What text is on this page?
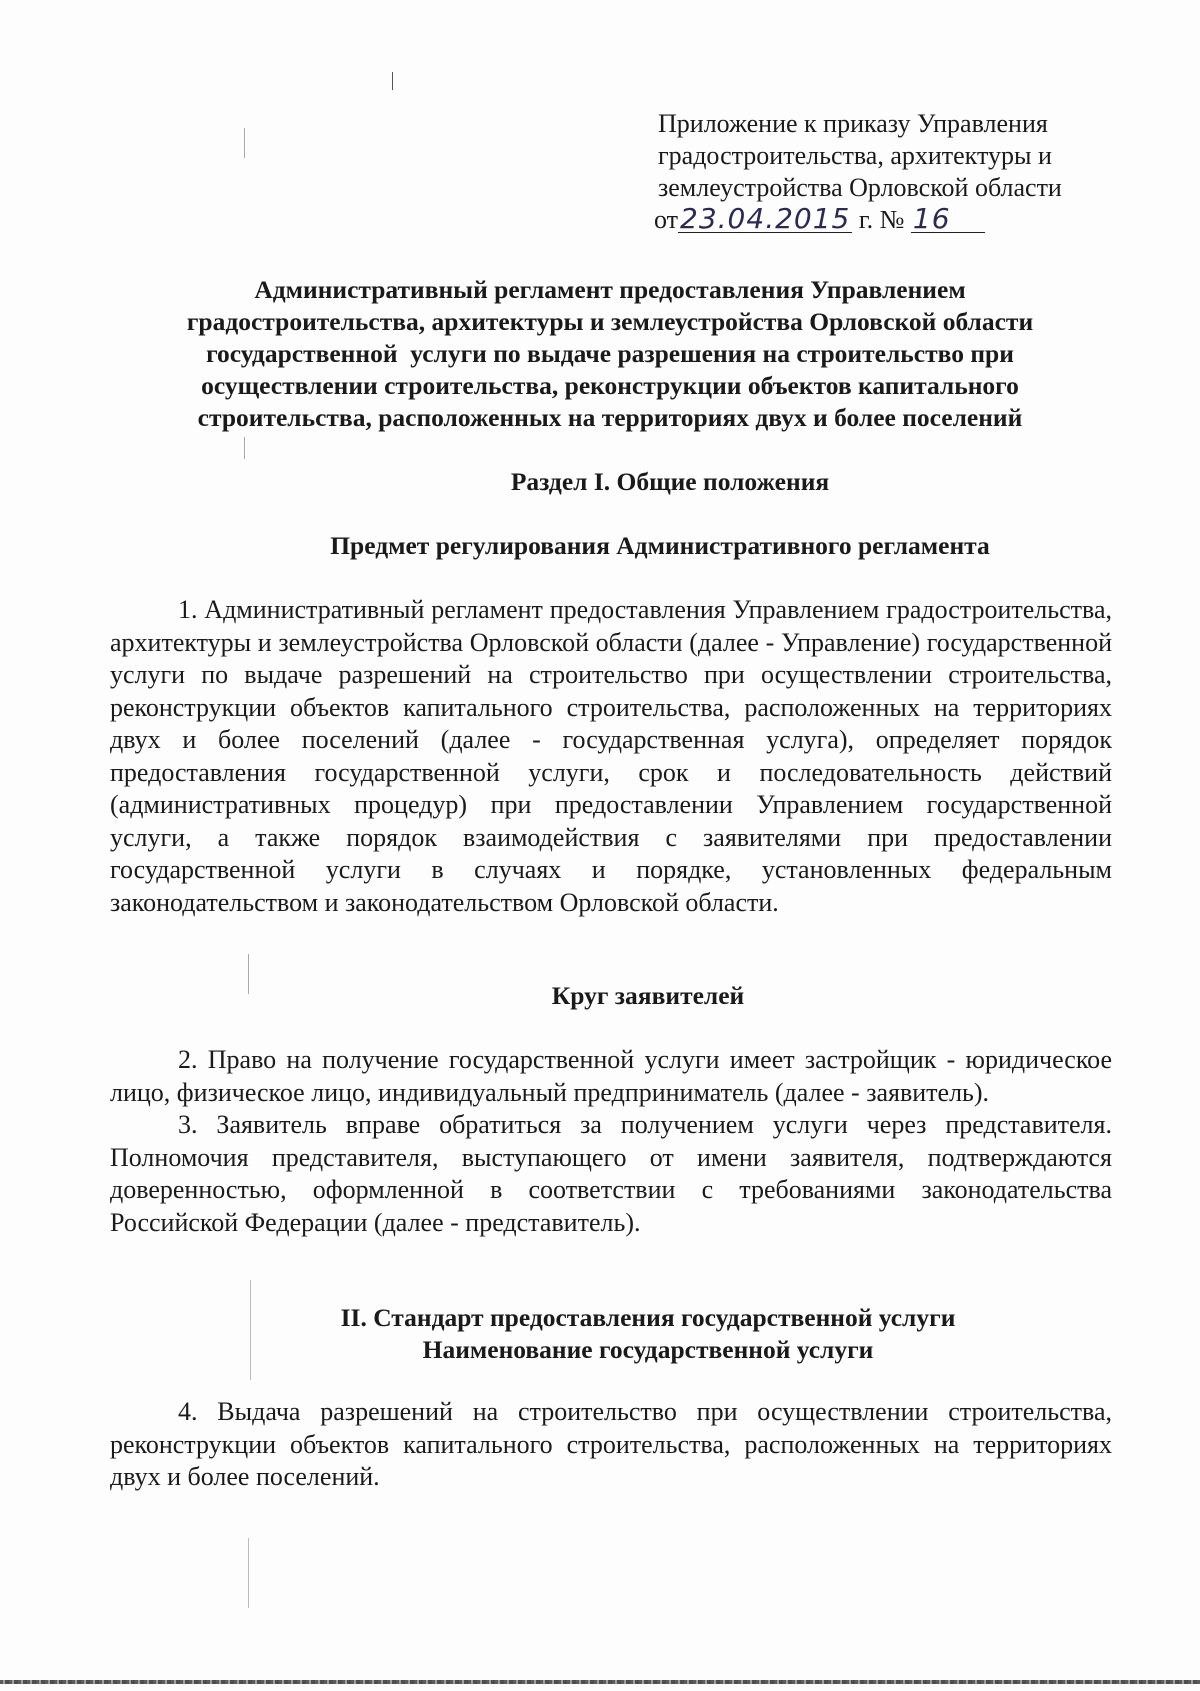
Приложение к приказу Управления
градостроительства, архитектуры и
землеустройства Орловской области
от23.04.2015 г. № 16
Административный регламент предоставления Управлением
градостроительства, архитектуры и землеустройства Орловской области
государственной  услуги по выдаче разрешения на строительство при
осуществлении строительства, реконструкции объектов капитального
строительства, расположенных на территориях двух и более поселений
Раздел I. Общие положения
Предмет регулирования Административного регламента

1. Административный регламент предоставления Управлением градостроительства, архитектуры и землеустройства Орловской области (далее - Управление) государственной услуги по выдаче разрешений на строительство при осуществлении строительства, реконструкции объектов капитального строительства, расположенных на территориях двух и более поселений (далее - государственная услуга), определяет порядок предоставления государственной услуги, срок и последовательность действий (административных процедур) при предоставлении Управлением государственной услуги, а также порядок взаимодействия с заявителями при предоставлении государственной услуги в случаях и порядке, установленных федеральным законодательством и законодательством Орловской области.

Круг заявителей

2. Право на получение государственной услуги имеет застройщик - юридическое лицо, физическое лицо, индивидуальный предприниматель (далее - заявитель).

3. Заявитель вправе обратиться за получением услуги через представителя. Полномочия представителя, выступающего от имени заявителя, подтверждаются доверенностью, оформленной в соответствии с требованиями законодательства Российской Федерации (далее - представитель).

II. Стандарт предоставления государственной услуги
Наименование государственной услуги

4. Выдача разрешений на строительство при осуществлении строительства, реконструкции объектов капитального строительства, расположенных на территориях двух и более поселений.
